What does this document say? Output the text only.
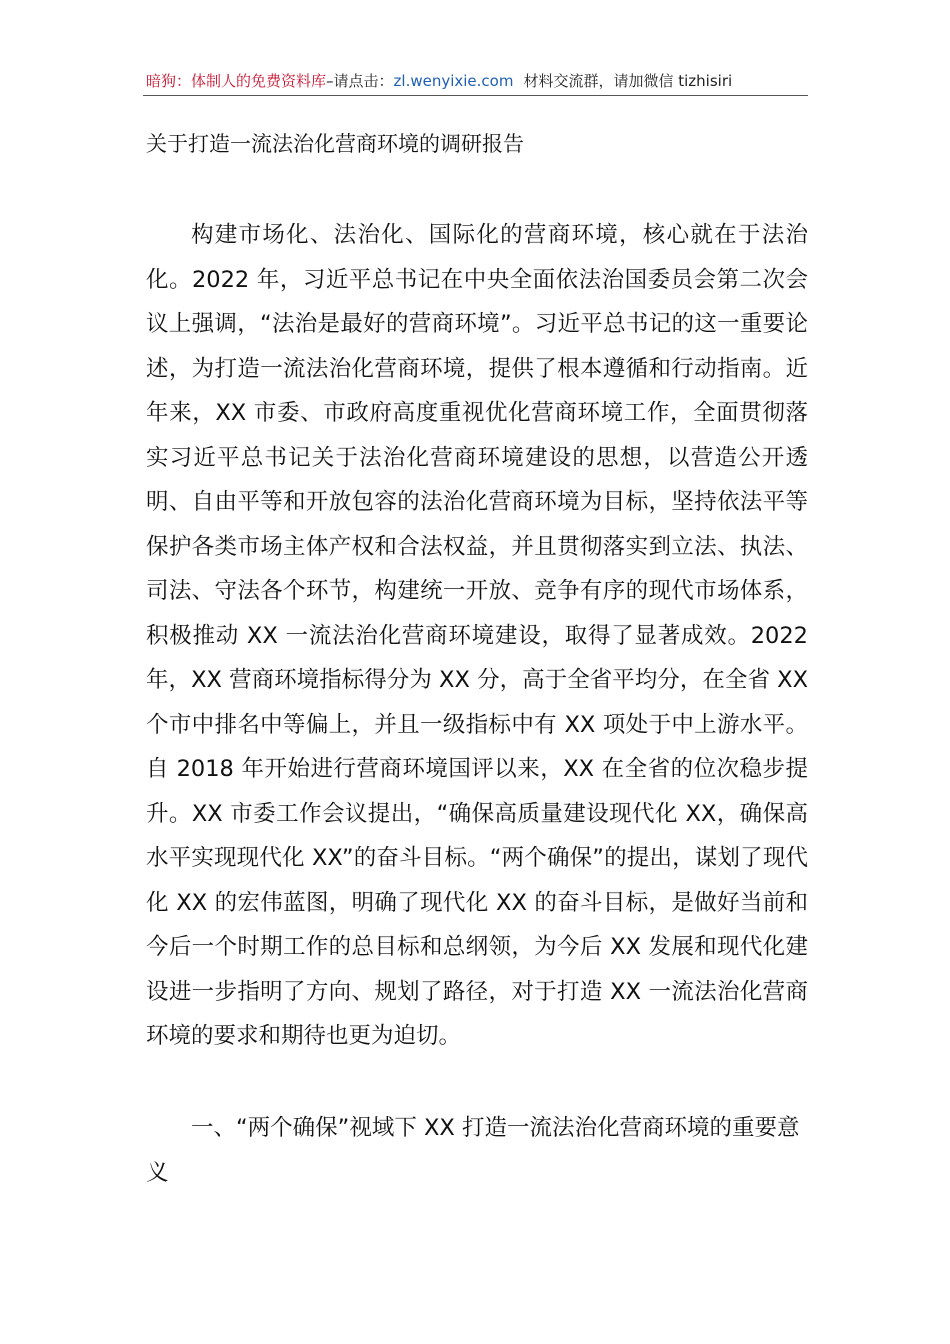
暗狗：体制人的免费资料库–请点击：zl.wenyixie.com 材料交流群，请加微信 tizhisiri
关于打造一流法治化营商环境的调研报告

构建市场化、法治化、国际化的营商环境，核心就在于法治化。2022 年，习近平总书记在中央全面依法治国委员会第二次会议上强调，“法治是最好的营商环境”。习近平总书记的这一重要论述，为打造一流法治化营商环境，提供了根本遵循和行动指南。近年来，XX 市委、市政府高度重视优化营商环境工作，全面贯彻落实习近平总书记关于法治化营商环境建设的思想，以营造公开透明、自由平等和开放包容的法治化营商环境为目标，坚持依法平等保护各类市场主体产权和合法权益，并且贯彻落实到立法、执法、司法、守法各个环节，构建统一开放、竞争有序的现代市场体系，积极推动 XX 一流法治化营商环境建设，取得了显著成效。2022 年，XX 营商环境指标得分为 XX 分，高于全省平均分，在全省 XX 个市中排名中等偏上，并且一级指标中有 XX 项处于中上游水平。自 2018 年开始进行营商环境国评以来，XX 在全省的位次稳步提升。XX 市委工作会议提出，“确保高质量建设现代化 XX，确保高水平实现现代化 XX”的奋斗目标。“两个确保”的提出，谋划了现代化 XX 的宏伟蓝图，明确了现代化 XX 的奋斗目标，是做好当前和今后一个时期工作的总目标和总纲领，为今后 XX 发展和现代化建设进一步指明了方向、规划了路径，对于打造 XX 一流法治化营商环境的要求和期待也更为迫切。

一、“两个确保”视域下 XX 打造一流法治化营商环境的重要意义
